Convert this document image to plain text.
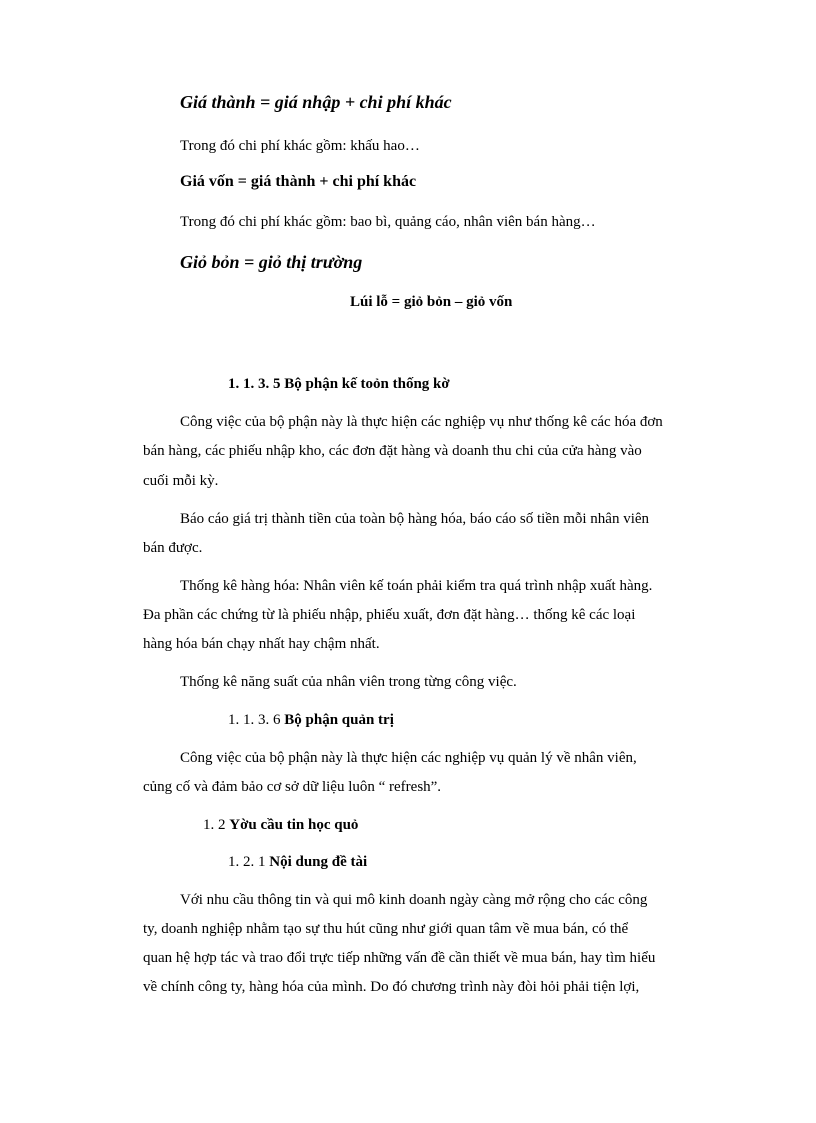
Giá thành = giá nhập + chi phí khác
Trong đó chi phí khác gồm: khấu hao…
Giá vốn = giá thành + chi phí khác
Trong đó chi phí khác gồm: bao bì, quảng cáo, nhân viên bán hàng…
Giỏ bỏn = giỏ thị trường
Lúi lỗ = giỏ bỏn – giỏ vốn
1. 1. 3. 5 Bộ phận kế toỏn thống kờ
Công việc của bộ phận này là thực hiện các nghiệp vụ như thống kê các hóa đơn
bán hàng, các phiếu nhập kho, các đơn đặt hàng và doanh thu chi của cửa hàng vào
cuối mỗi kỳ.
Báo cáo giá trị thành tiền của toàn bộ hàng hóa, báo cáo số tiền mỗi nhân viên
bán được.
Thống kê hàng hóa: Nhân viên kế toán phải kiểm tra quá trình nhập xuất hàng.
Đa phần các chứng từ là phiếu nhập, phiếu xuất, đơn đặt hàng… thống kê các loại
hàng hóa bán chạy nhất hay chậm nhất.
Thống kê năng suất của nhân viên trong từng công việc.
1. 1. 3. 6 Bộ phận quản trị
Công việc của bộ phận này là thực hiện các nghiệp vụ quản lý về nhân viên,
củng cố và đảm bảo cơ sở dữ liệu luôn “ refresh”.
1. 2 Yờu cầu tin học quỏ
1. 2. 1 Nội dung đề tài
Với nhu cầu thông tin và qui mô kinh doanh ngày càng mở rộng cho các công
ty, doanh nghiệp nhằm tạo sự thu hút cũng như giới quan tâm về mua bán, có thể
quan hệ hợp tác và trao đổi trực tiếp những vấn đề cần thiết về mua bán, hay tìm hiểu
về chính công ty, hàng hóa của mình. Do đó chương trình này đòi hỏi phải tiện lợi,
